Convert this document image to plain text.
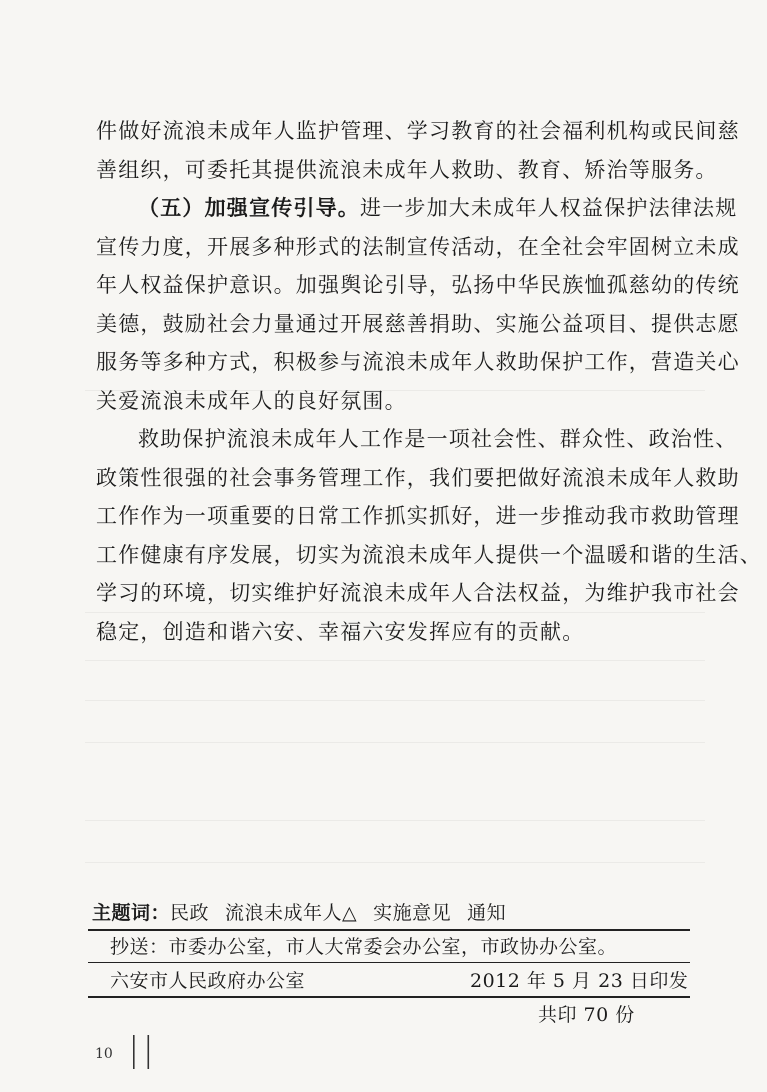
件做好流浪未成年人监护管理、学习教育的社会福利机构或民间慈
善组织，可委托其提供流浪未成年人救助、教育、矫治等服务。
（五）加强宣传引导。进一步加大未成年人权益保护法律法规
宣传力度，开展多种形式的法制宣传活动，在全社会牢固树立未成
年人权益保护意识。加强舆论引导，弘扬中华民族恤孤慈幼的传统
美德，鼓励社会力量通过开展慈善捐助、实施公益项目、提供志愿
服务等多种方式，积极参与流浪未成年人救助保护工作，营造关心
关爱流浪未成年人的良好氛围。
救助保护流浪未成年人工作是一项社会性、群众性、政治性、
政策性很强的社会事务管理工作，我们要把做好流浪未成年人救助
工作作为一项重要的日常工作抓实抓好，进一步推动我市救助管理
工作健康有序发展，切实为流浪未成年人提供一个温暖和谐的生活、
学习的环境，切实维护好流浪未成年人合法权益，为维护我市社会
稳定，创造和谐六安、幸福六安发挥应有的贡献。
主题词：民政 流浪未成年人△ 实施意见 通知
抄送：市委办公室，市人大常委会办公室，市政协办公室。
六安市人民政府办公室	2012 年 5 月 23 日印发
共印 70 份
10 ||
